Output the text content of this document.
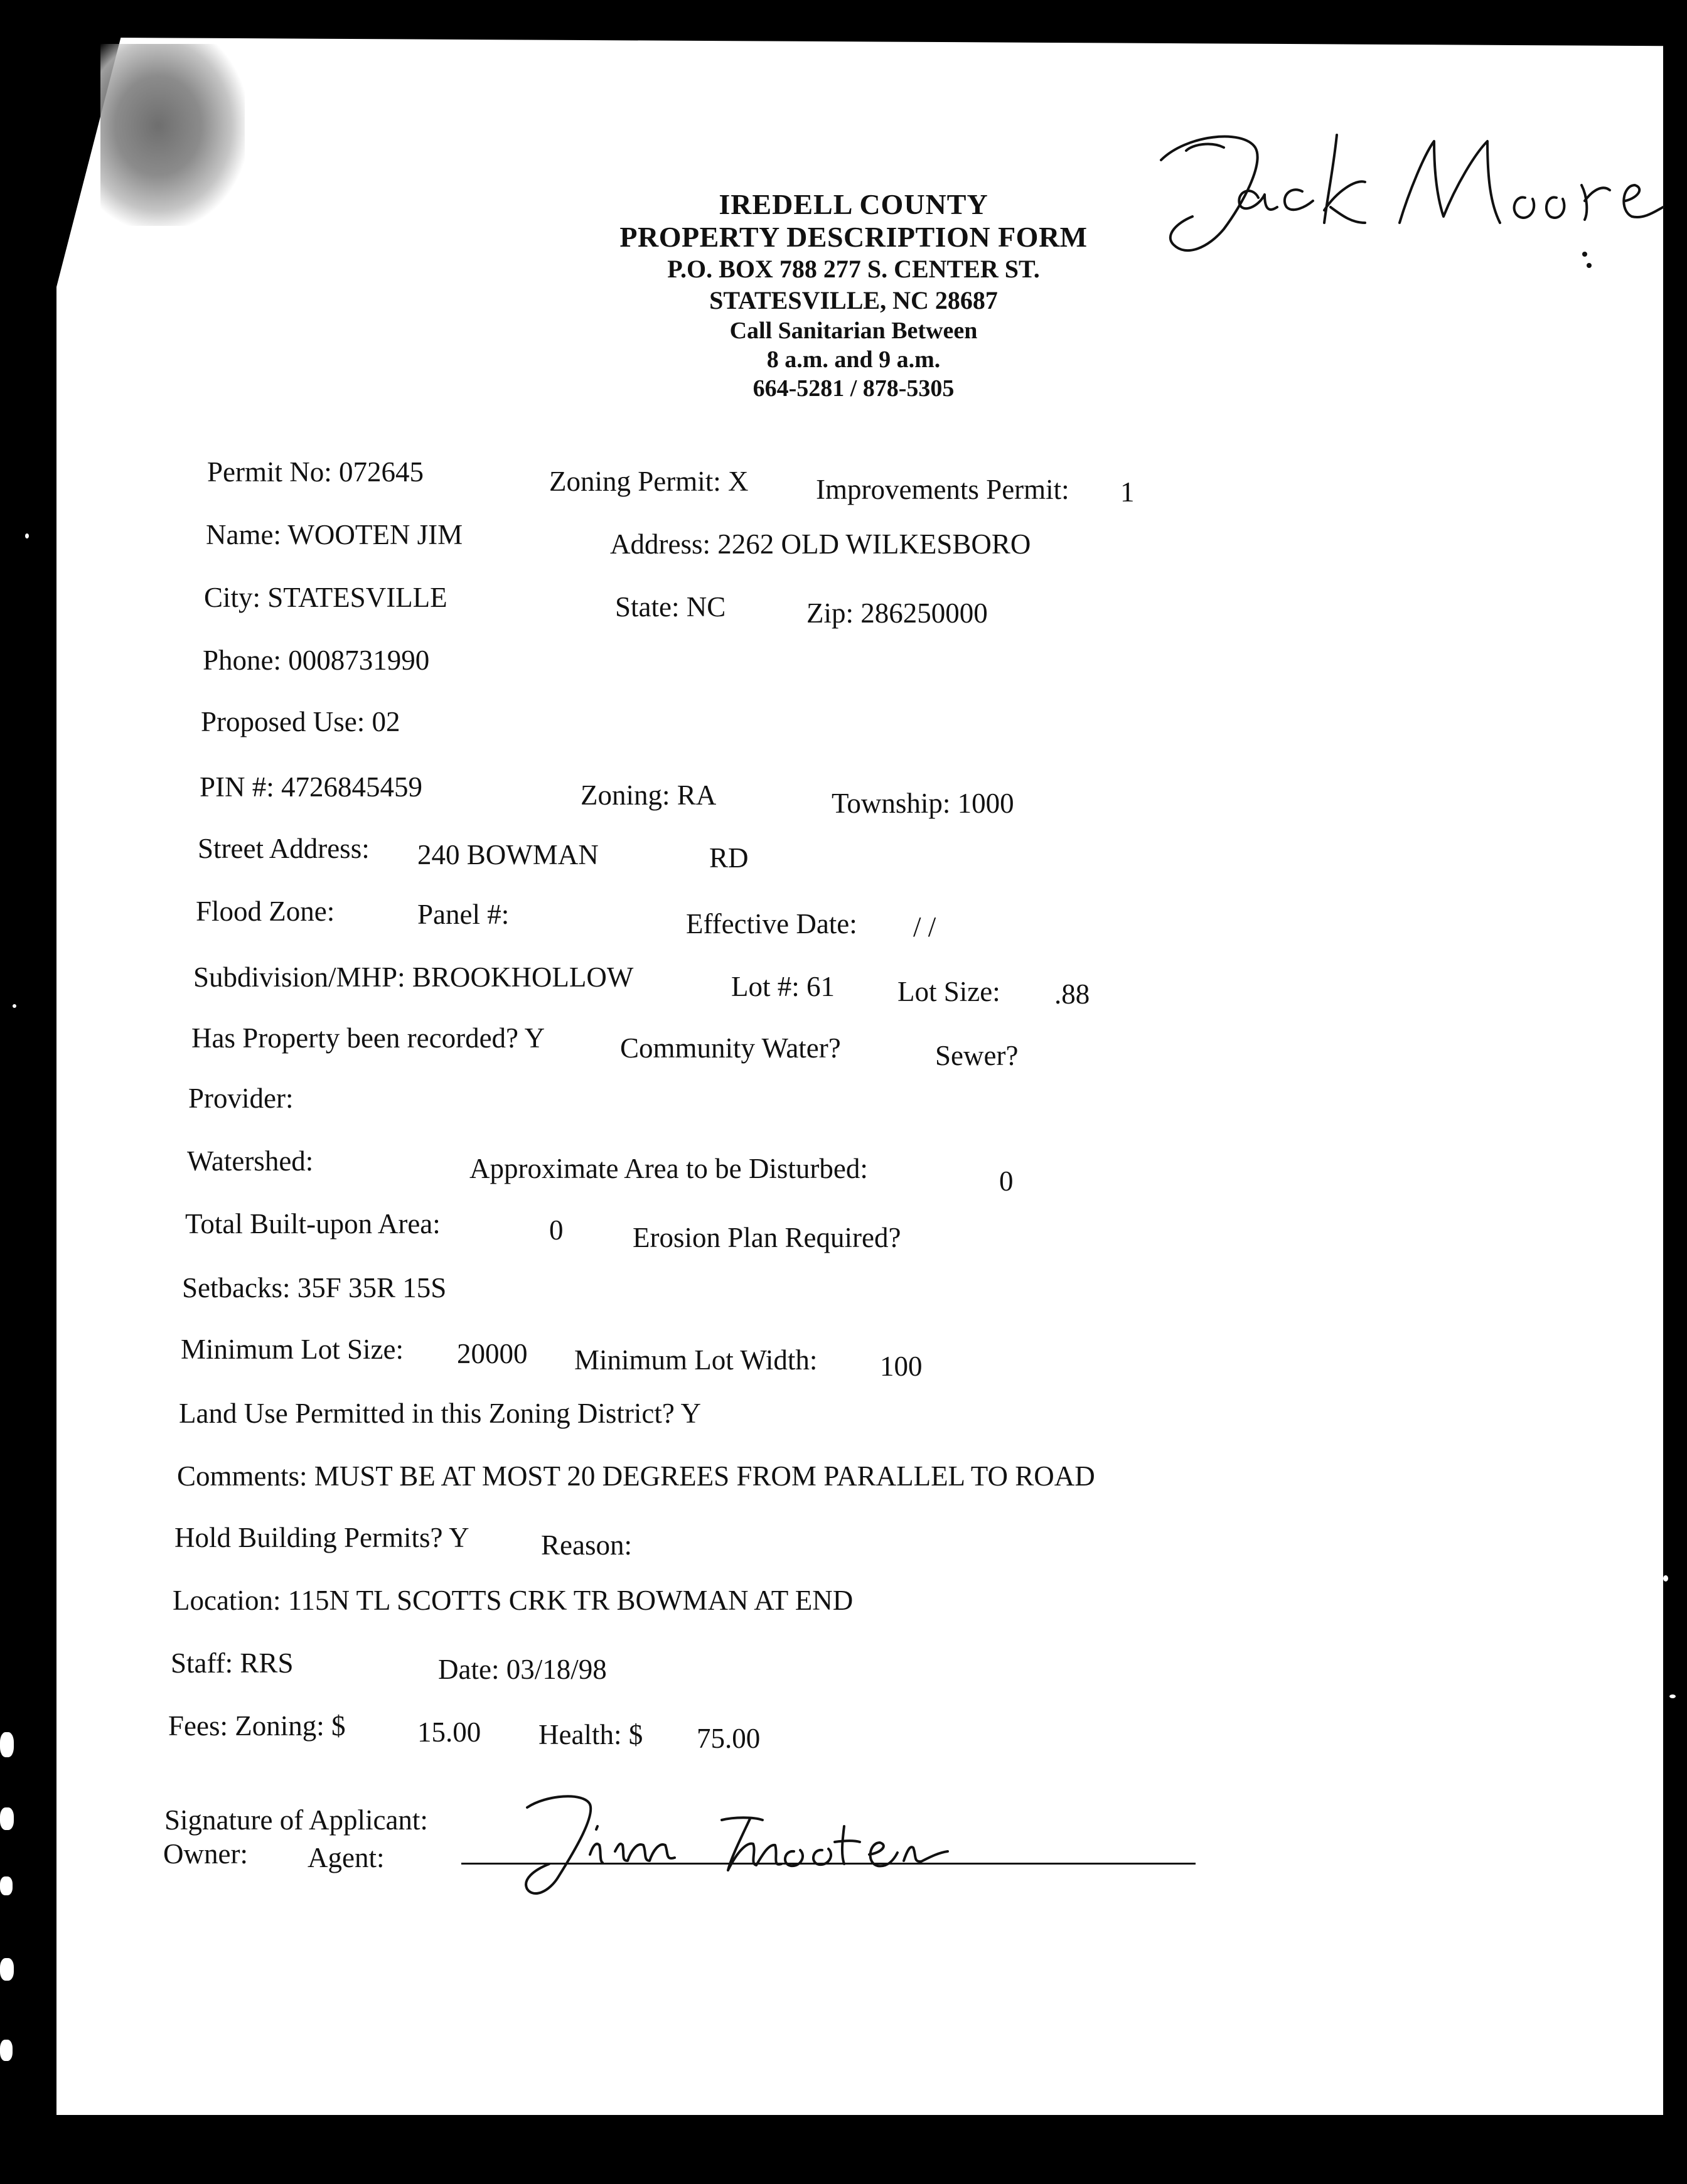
IREDELL COUNTY
PROPERTY DESCRIPTION FORM
P.O. BOX 788 277 S. CENTER ST.
STATESVILLE, NC 28687
Call Sanitarian Between
8 a.m. and 9 a.m.
664-5281 / 878-5305
Permit No: 072645	Zoning Permit: X Improvements Permit: 1
Name: WOOTEN JIM	Address: 2262 OLD WILKESBORO
City: STATESVILLE	State: NC	Zip: 286250000
Phone: 0008731990
Proposed Use: 02
PIN #: 4726845459	Zoning: RA	Township: 1000
Street Address: 240 BOWMAN	RD
Flood Zone:	Panel #:	Effective Date: / /
Subdivision/MHP: BROOKHOLLOW	Lot #: 61 Lot Size: .88
Has Property been recorded? Y	Community Water?	Sewer?
Provider:
Watershed:	Approximate Area to be Disturbed:	0
Total Built-upon Area:	0 Erosion Plan Required?
Setbacks: 35F 35R 15S
Minimum Lot Size: 20000 Minimum Lot Width: 100
Land Use Permitted in this Zoning District? Y
Comments: MUST BE AT MOST 20 DEGREES FROM PARALLEL TO ROAD
Hold Building Permits? Y	Reason:
Location: 115N TL SCOTTS CRK TR BOWMAN AT END
Staff: RRS	Date: 03/18/98
Fees: Zoning: $	15.00 Health: $ 75.00
Signature of Applicant:
Owner: Agent:
